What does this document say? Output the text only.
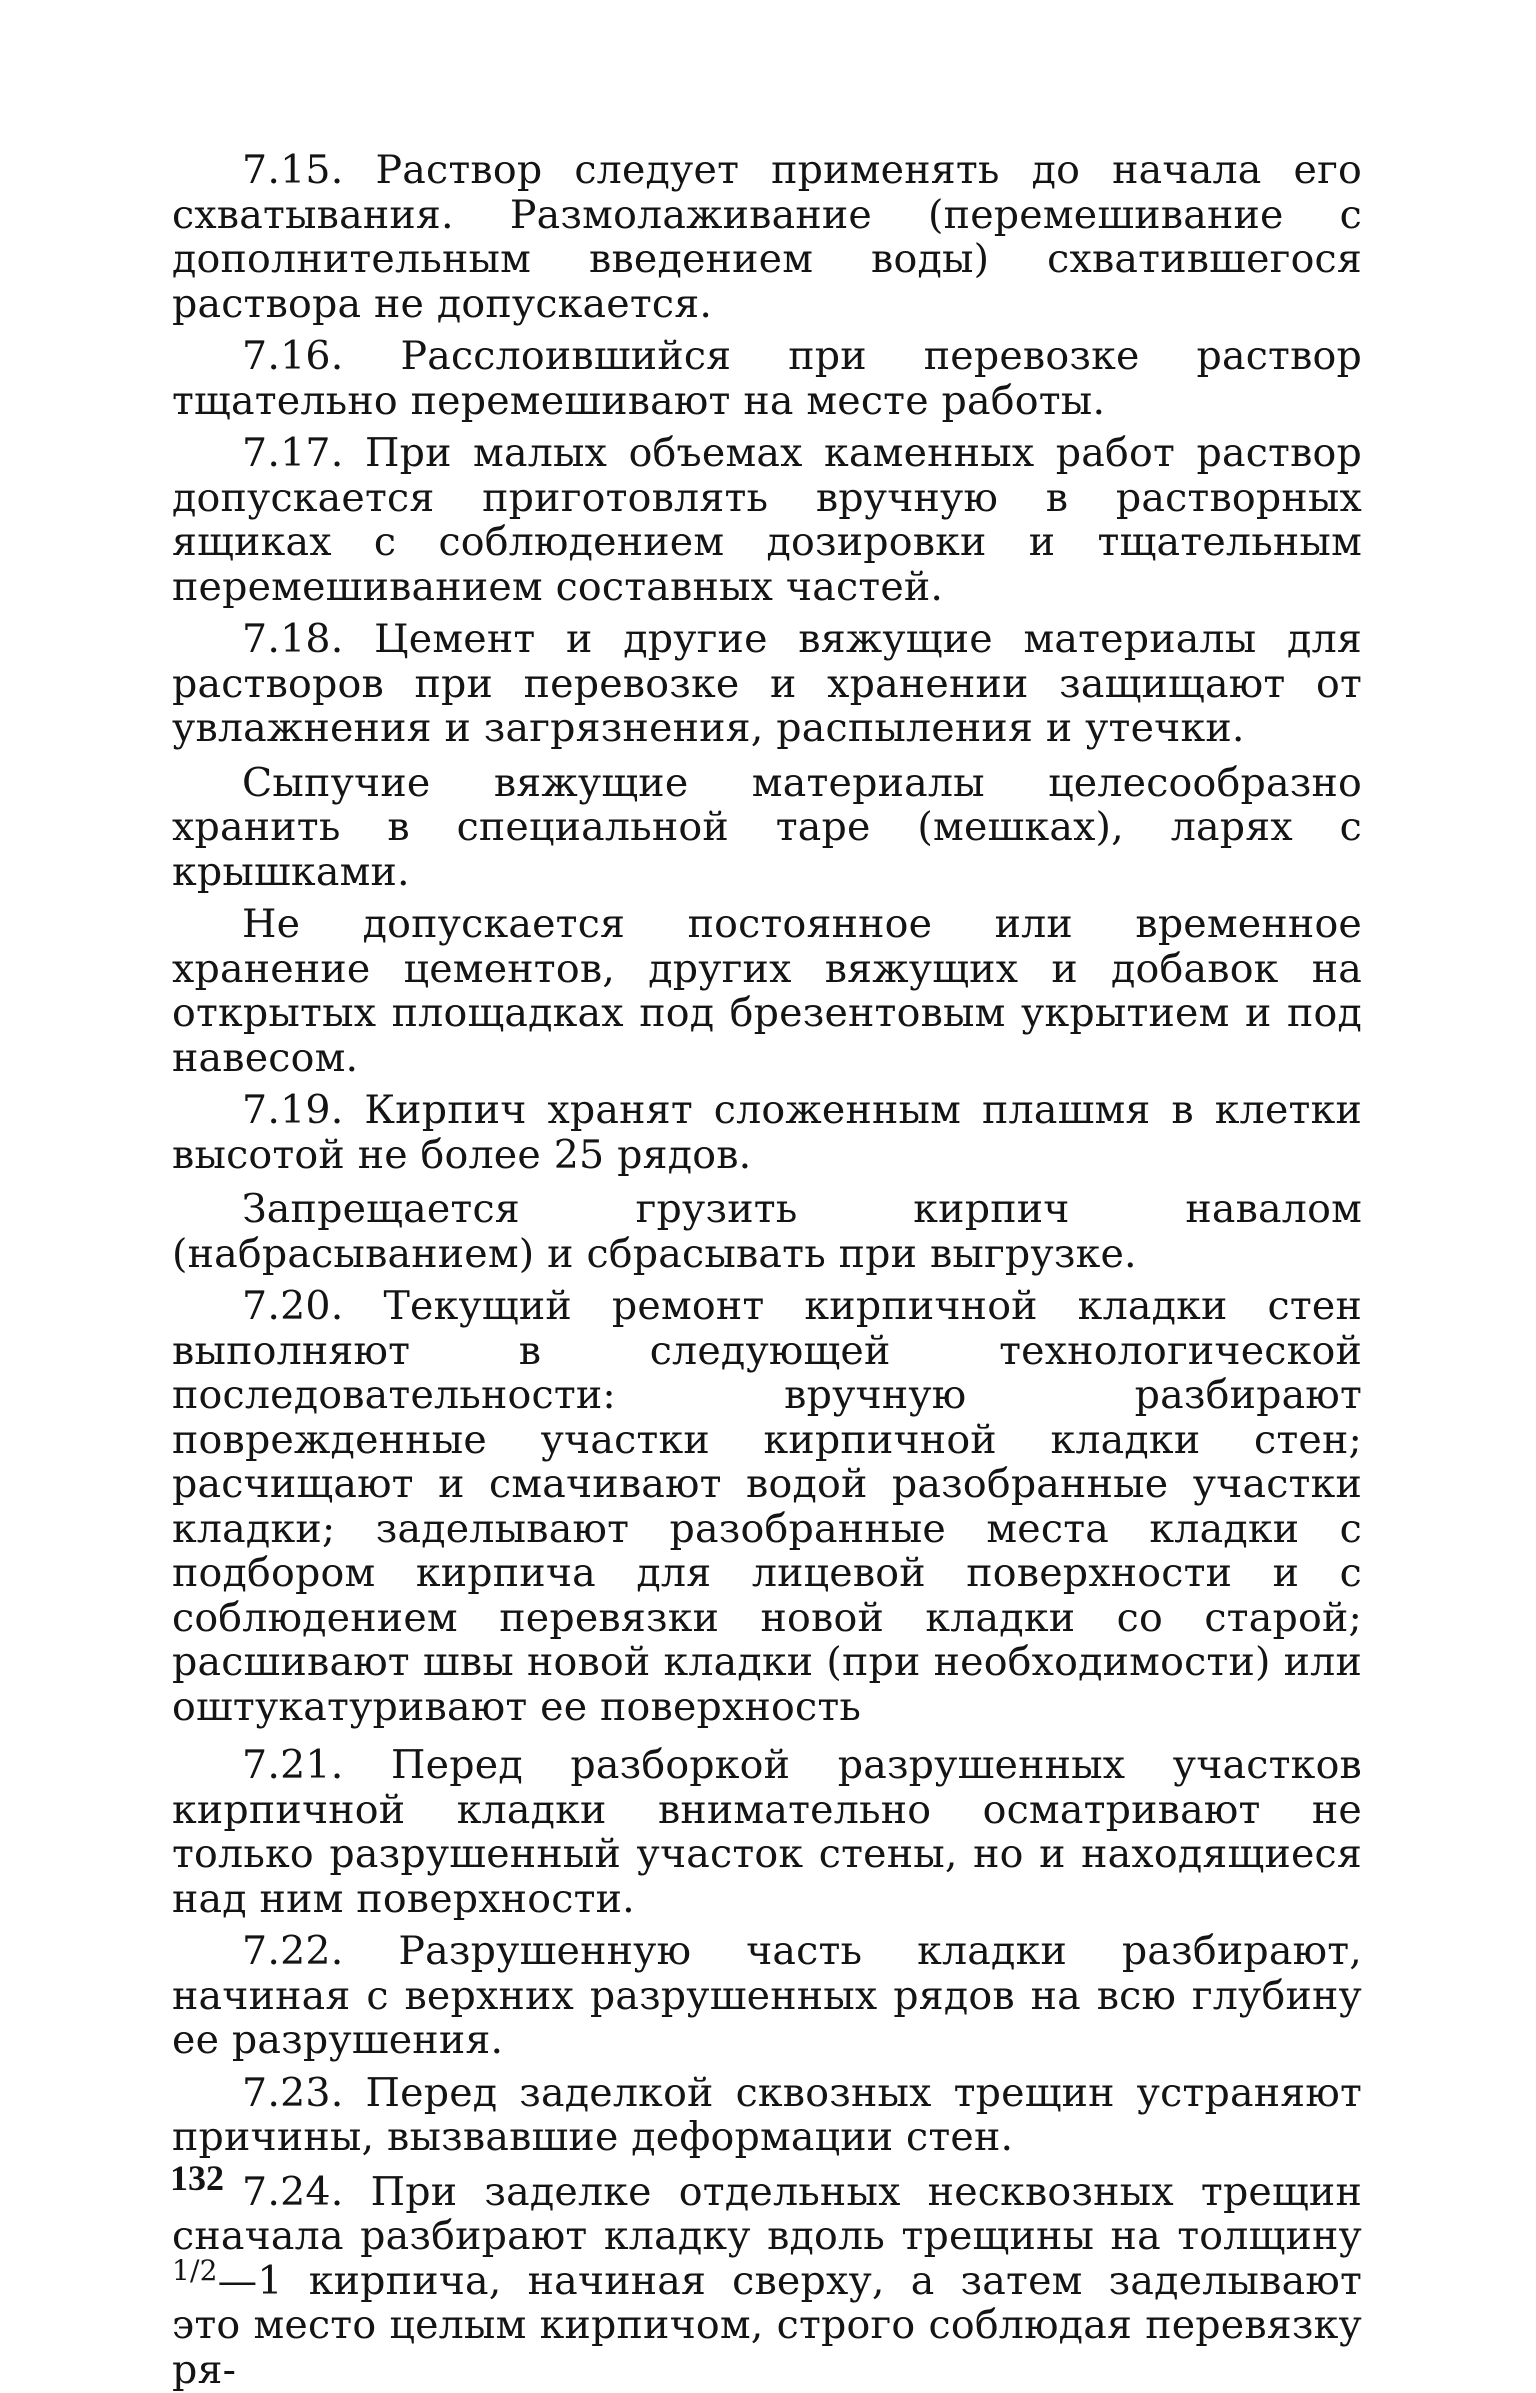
7.15. Раствор следует применять до начала его схватывания. Размолаживание (перемешивание с дополнительным введением воды) схватившегося раствора не допускается.

7.16. Расслоившийся при перевозке раствор тщательно перемешивают на месте работы.

7.17. При малых объемах каменных работ раствор допускается приготовлять вручную в растворных ящиках с соблюдением дозировки и тщательным перемешиванием составных частей.

7.18. Цемент и другие вяжущие материалы для растворов при перевозке и хранении защищают от увлажнения и загрязнения, распыления и утечки.

Сыпучие вяжущие материалы целесообразно хранить в специальной таре (мешках), ларях с крышками.

Не допускается постоянное или временное хранение цементов, других вяжущих и добавок на открытых площадках под брезентовым укрытием и под навесом.

7.19. Кирпич хранят сложенным плашмя в клетки высотой не более 25 рядов.

Запрещается грузить кирпич навалом (набрасыванием) и сбрасывать при выгрузке.

7.20. Текущий ремонт кирпичной кладки стен выполняют в следующей технологической последовательности: вручную разбирают поврежденные участки кирпичной кладки стен; расчищают и смачивают водой разобранные участки кладки; заделывают разобранные места кладки с подбором кирпича для лицевой поверхности и с соблюдением перевязки новой кладки со старой; расшивают швы новой кладки (при необходимости) или оштукатуривают ее поверхность

7.21. Перед разборкой разрушенных участков кирпичной кладки внимательно осматривают не только разрушенный участок стены, но и находящиеся над ним поверхности.

7.22. Разрушенную часть кладки разбирают, начиная с верхних разрушенных рядов на всю глубину ее разрушения.

7.23. Перед заделкой сквозных трещин устраняют причины, вызвавшие деформации стен.

7.24. При заделке отдельных несквозных трещин сначала разбирают кладку вдоль трещины на толщину $^{1/2}$—1 кирпича, начиная сверху, а затем заделывают это место целым кирпичом, строго соблюдая перевязку ря-

132
